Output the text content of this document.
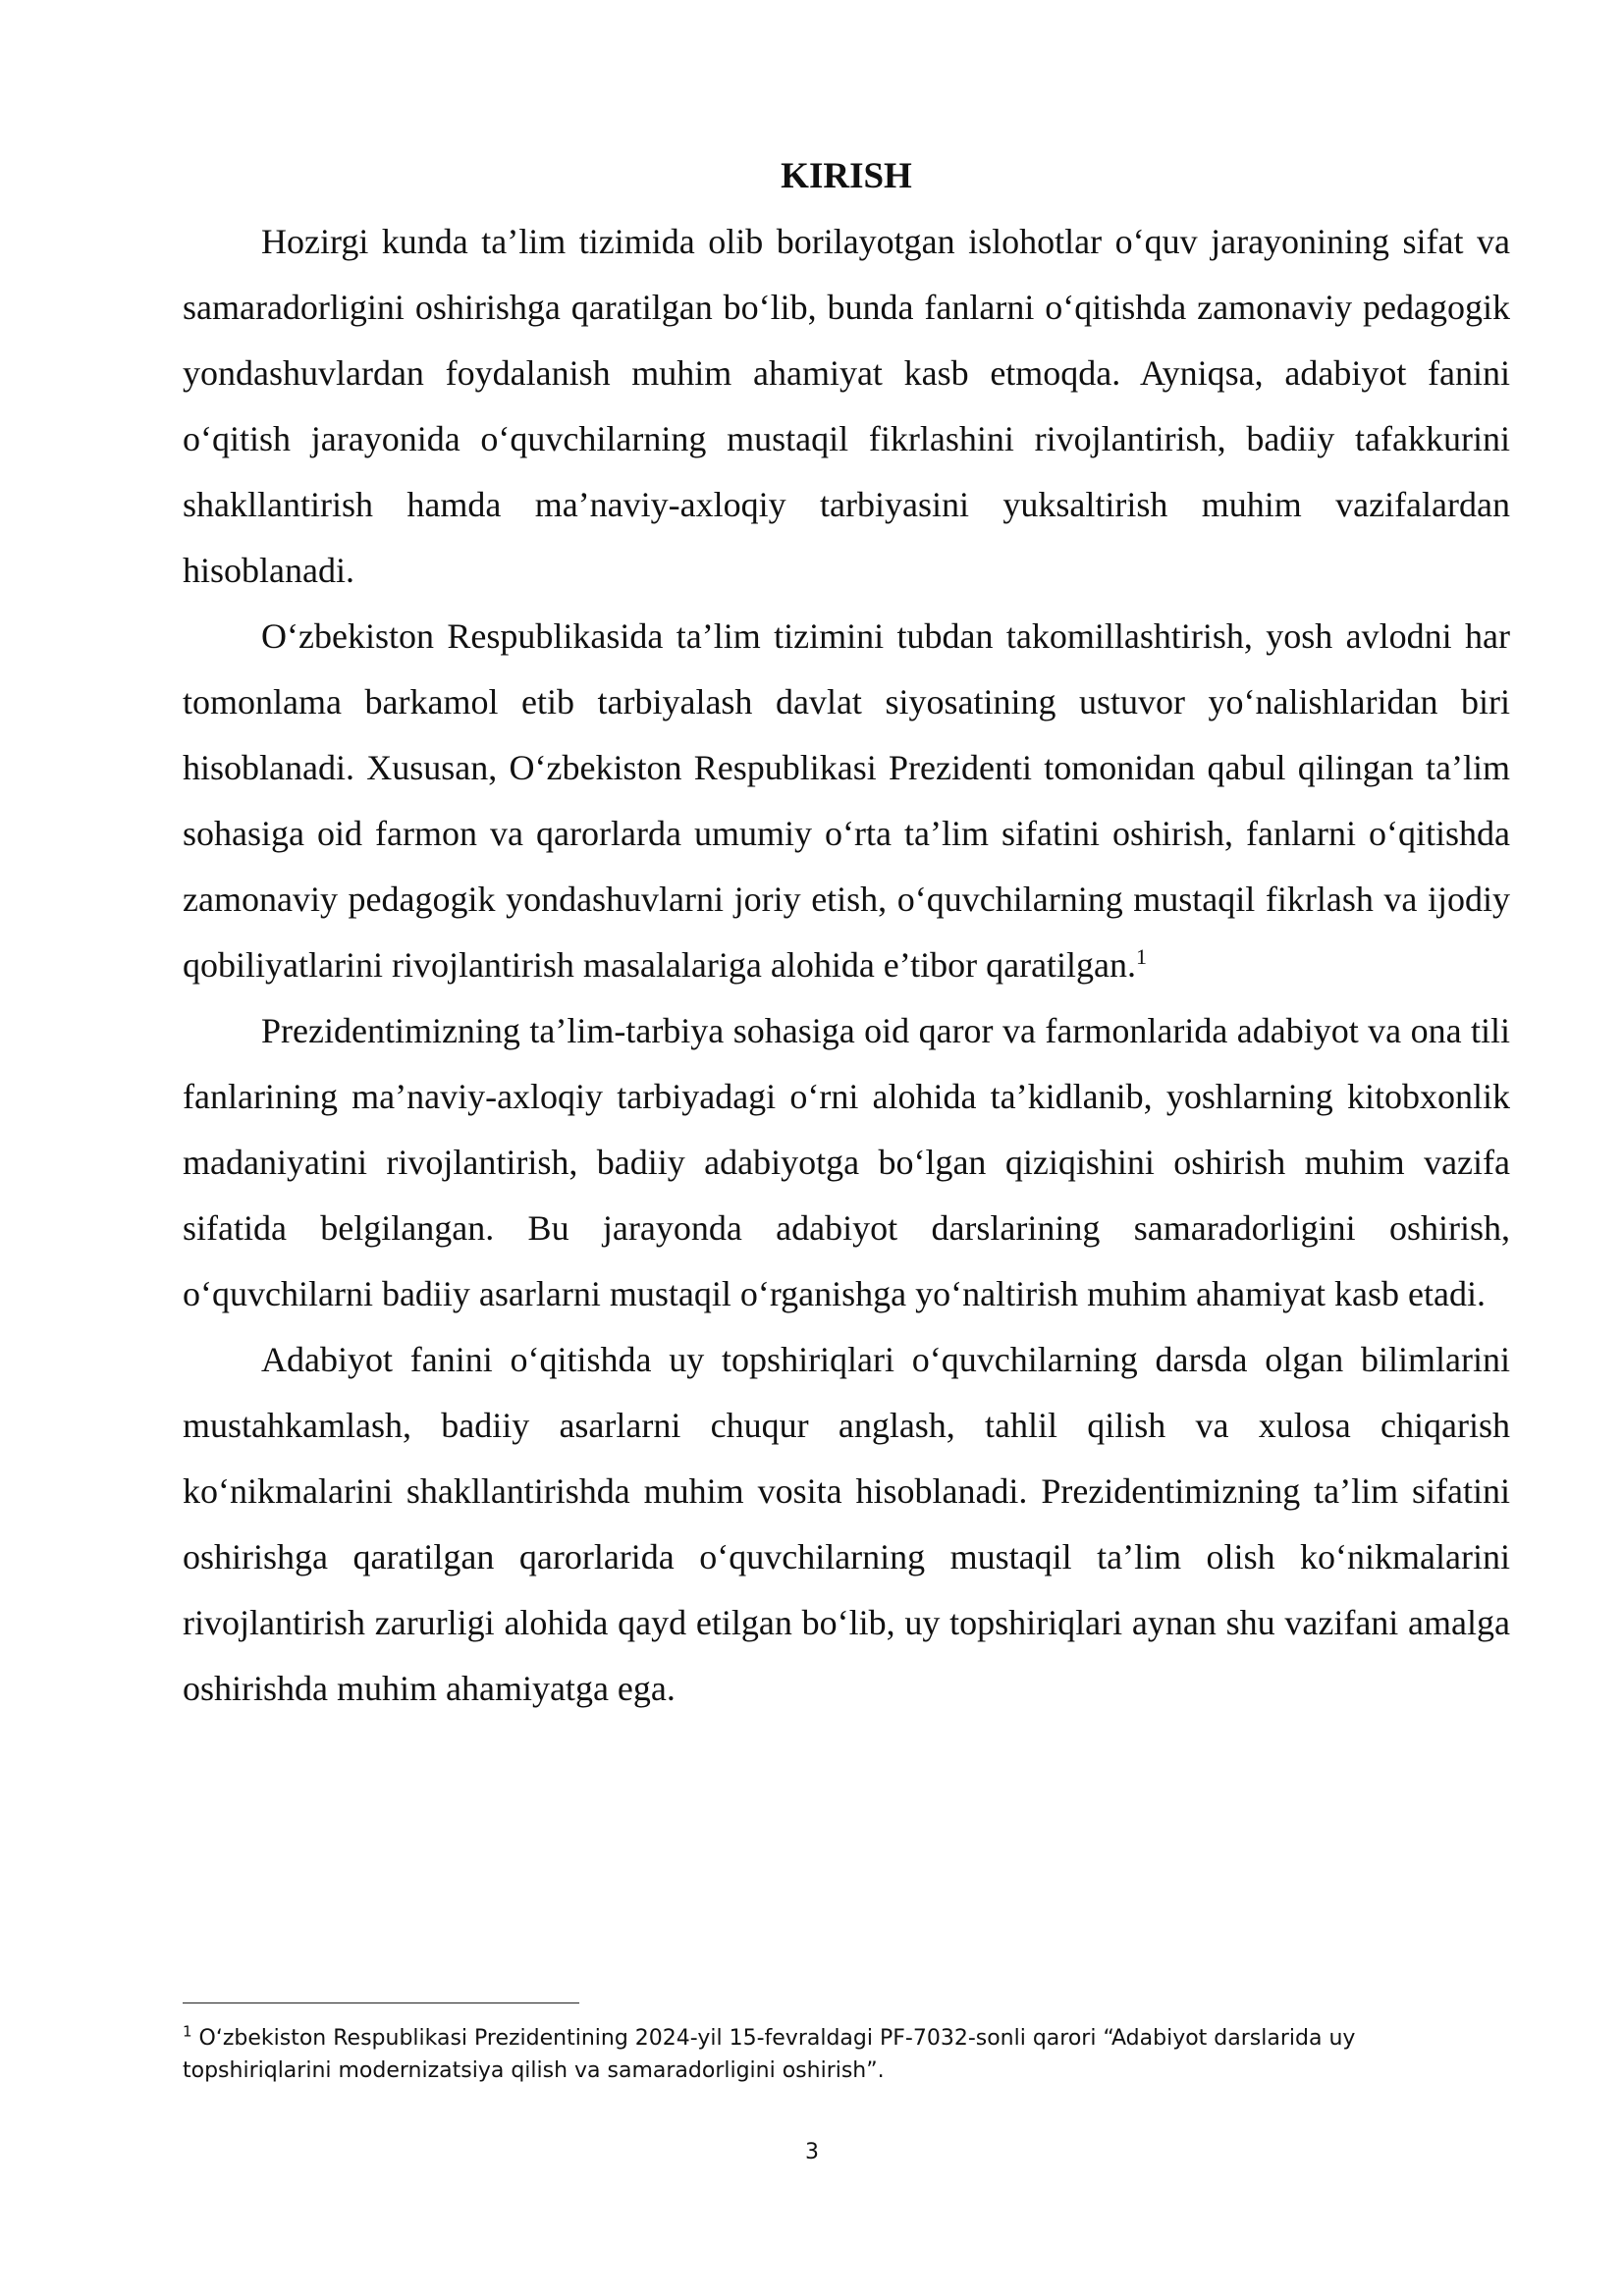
KIRISH

Hozirgi kunda ta’lim tizimida olib borilayotgan islohotlar o‘quv jarayonining sifat va samaradorligini oshirishga qaratilgan bo‘lib, bunda fanlarni o‘qitishda zamonaviy pedagogik yondashuvlardan foydalanish muhim ahamiyat kasb etmoqda. Ayniqsa, adabiyot fanini o‘qitish jarayonida o‘quvchilarning mustaqil fikrlashini rivojlantirish, badiiy tafakkurini shakllantirish hamda ma’naviy-axloqiy tarbiyasini yuksaltirish muhim vazifalardan hisoblanadi.

O‘zbekiston Respublikasida ta’lim tizimini tubdan takomillashtirish, yosh avlodni har tomonlama barkamol etib tarbiyalash davlat siyosatining ustuvor yo‘nalishlaridan biri hisoblanadi. Xususan, O‘zbekiston Respublikasi Prezidenti tomonidan qabul qilingan ta’lim sohasiga oid farmon va qarorlarda umumiy o‘rta ta’lim sifatini oshirish, fanlarni o‘qitishda zamonaviy pedagogik yondashuvlarni joriy etish, o‘quvchilarning mustaqil fikrlash va ijodiy qobiliyatlarini rivojlantirish masalalariga alohida e’tibor qaratilgan.$^1$

Prezidentimizning ta’lim-tarbiya sohasiga oid qaror va farmonlarida adabiyot va ona tili fanlarining ma’naviy-axloqiy tarbiyadagi o‘rni alohida ta’kidlanib, yoshlarning kitobxonlik madaniyatini rivojlantirish, badiiy adabiyotga bo‘lgan qiziqishini oshirish muhim vazifa sifatida belgilangan. Bu jarayonda adabiyot darslarining samaradorligini oshirish, o‘quvchilarni badiiy asarlarni mustaqil o‘rganishga yo‘naltirish muhim ahamiyat kasb etadi.

Adabiyot fanini o‘qitishda uy topshiriqlari o‘quvchilarning darsda olgan bilimlarini mustahkamlash, badiiy asarlarni chuqur anglash, tahlil qilish va xulosa chiqarish ko‘nikmalarini shakllantirishda muhim vosita hisoblanadi. Prezidentimizning ta’lim sifatini oshirishga qaratilgan qarorlarida o‘quvchilarning mustaqil ta’lim olish ko‘nikmalarini rivojlantirish zarurligi alohida qayd etilgan bo‘lib, uy topshiriqlari aynan shu vazifani amalga oshirishda muhim ahamiyatga ega.

$^1$ O‘zbekiston Respublikasi Prezidentining 2024-yil 15-fevraldagi PF-7032-sonli qarori “Adabiyot darslarida uy topshiriqlarini modernizatsiya qilish va samaradorligini oshirish”.

3
